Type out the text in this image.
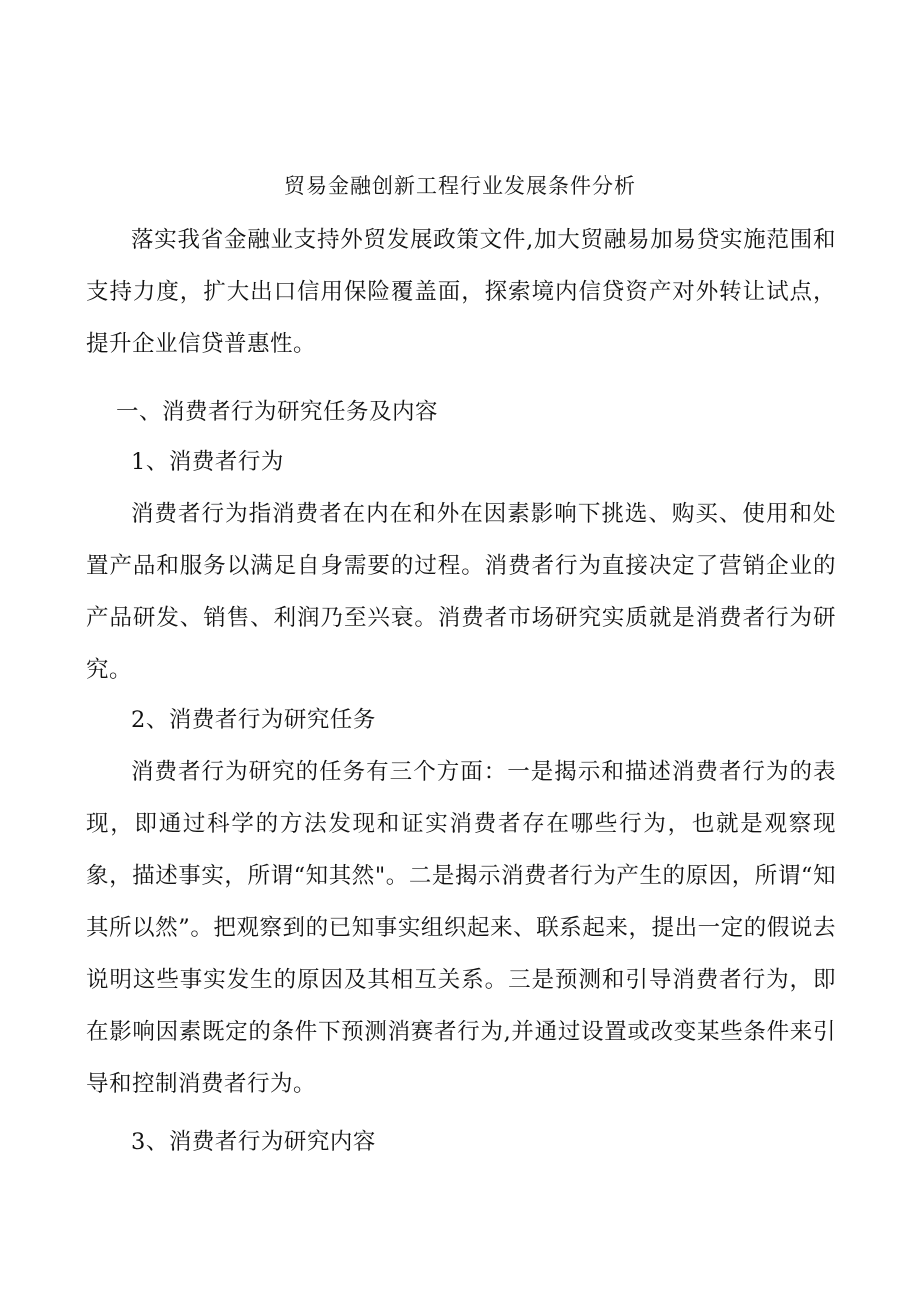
贸易金融创新工程行业发展条件分析

落实我省金融业支持外贸发展政策文件,加大贸融易加易贷实施范围和支持力度，扩大出口信用保险覆盖面，探索境内信贷资产对外转让试点，提升企业信贷普惠性。

一、消费者行为研究任务及内容

1、消费者行为

消费者行为指消费者在内在和外在因素影响下挑选、购买、使用和处置产品和服务以满足自身需要的过程。消费者行为直接决定了营销企业的产品研发、销售、利润乃至兴衰。消费者市场研究实质就是消费者行为研究。

2、消费者行为研究任务

消费者行为研究的任务有三个方面：一是揭示和描述消费者行为的表现，即通过科学的方法发现和证实消费者存在哪些行为，也就是观察现象，描述事实，所谓“知其然"。二是揭示消费者行为产生的原因，所谓“知其所以然”。把观察到的已知事实组织起来、联系起来，提出一定的假说去说明这些事实发生的原因及其相互关系。三是预测和引导消费者行为，即在影响因素既定的条件下预测消赛者行为,并通过设置或改变某些条件来引导和控制消费者行为。

3、消费者行为研究内容
